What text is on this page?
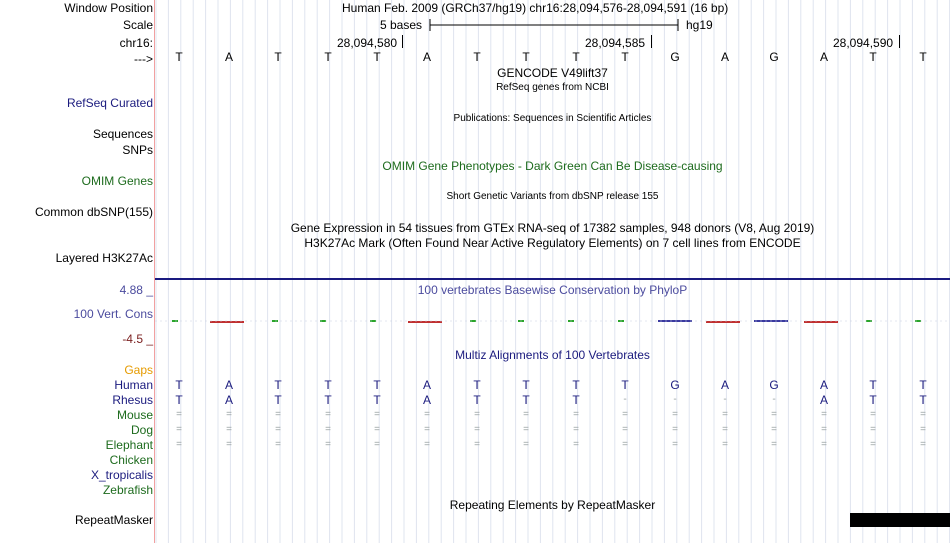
Window Position	Human Feb. 2009 (GRCh37/hg19) chr16:28,094,576-28,094,591 (16 bp)
Scale	5 bases	hg19
chr16:	28,094,580	28,094,585	28,094,590
--->	T	A	T	T	T	A	T	T	T	T	G	A	G	A	T	T
GENCODE V49lift37
RefSeq genes from NCBI
RefSeq Curated
Publications: Sequences in Scientific Articles
Sequences
SNPs
OMIM Gene Phenotypes - Dark Green Can Be Disease-causing
OMIM Genes
Short Genetic Variants from dbSNP release 155
Common dbSNP(155)
Gene Expression in 54 tissues from GTEx RNA-seq of 17382 samples, 948 donors (V8, Aug 2019)
H3K27Ac Mark (Often Found Near Active Regulatory Elements) on 7 cell lines from ENCODE
Layered H3K27Ac
4.88 _	100 vertebrates Basewise Conservation by PhyloP
100 Vert. Cons
-4.5 _
Multiz Alignments of 100 Vertebrates
Gaps
Human	T	A	T	T	T	A	T	T	T	T	G	A	G	A	T	T
Rhesus	T	A	T	T	T	A	T	T	T	-	-	-	-	A	T	T
Mouse	=	=	=	=	=	=	=	=	=	=	=	=	=	=	=	=
Dog	=	=	=	=	=	=	=	=	=	=	=	=	=	=	=	=
Elephant	=	=	=	=	=	=	=	=	=	=	=	=	=	=	=	=
Chicken
X_tropicalis
Zebrafish
Repeating Elements by RepeatMasker
RepeatMasker
